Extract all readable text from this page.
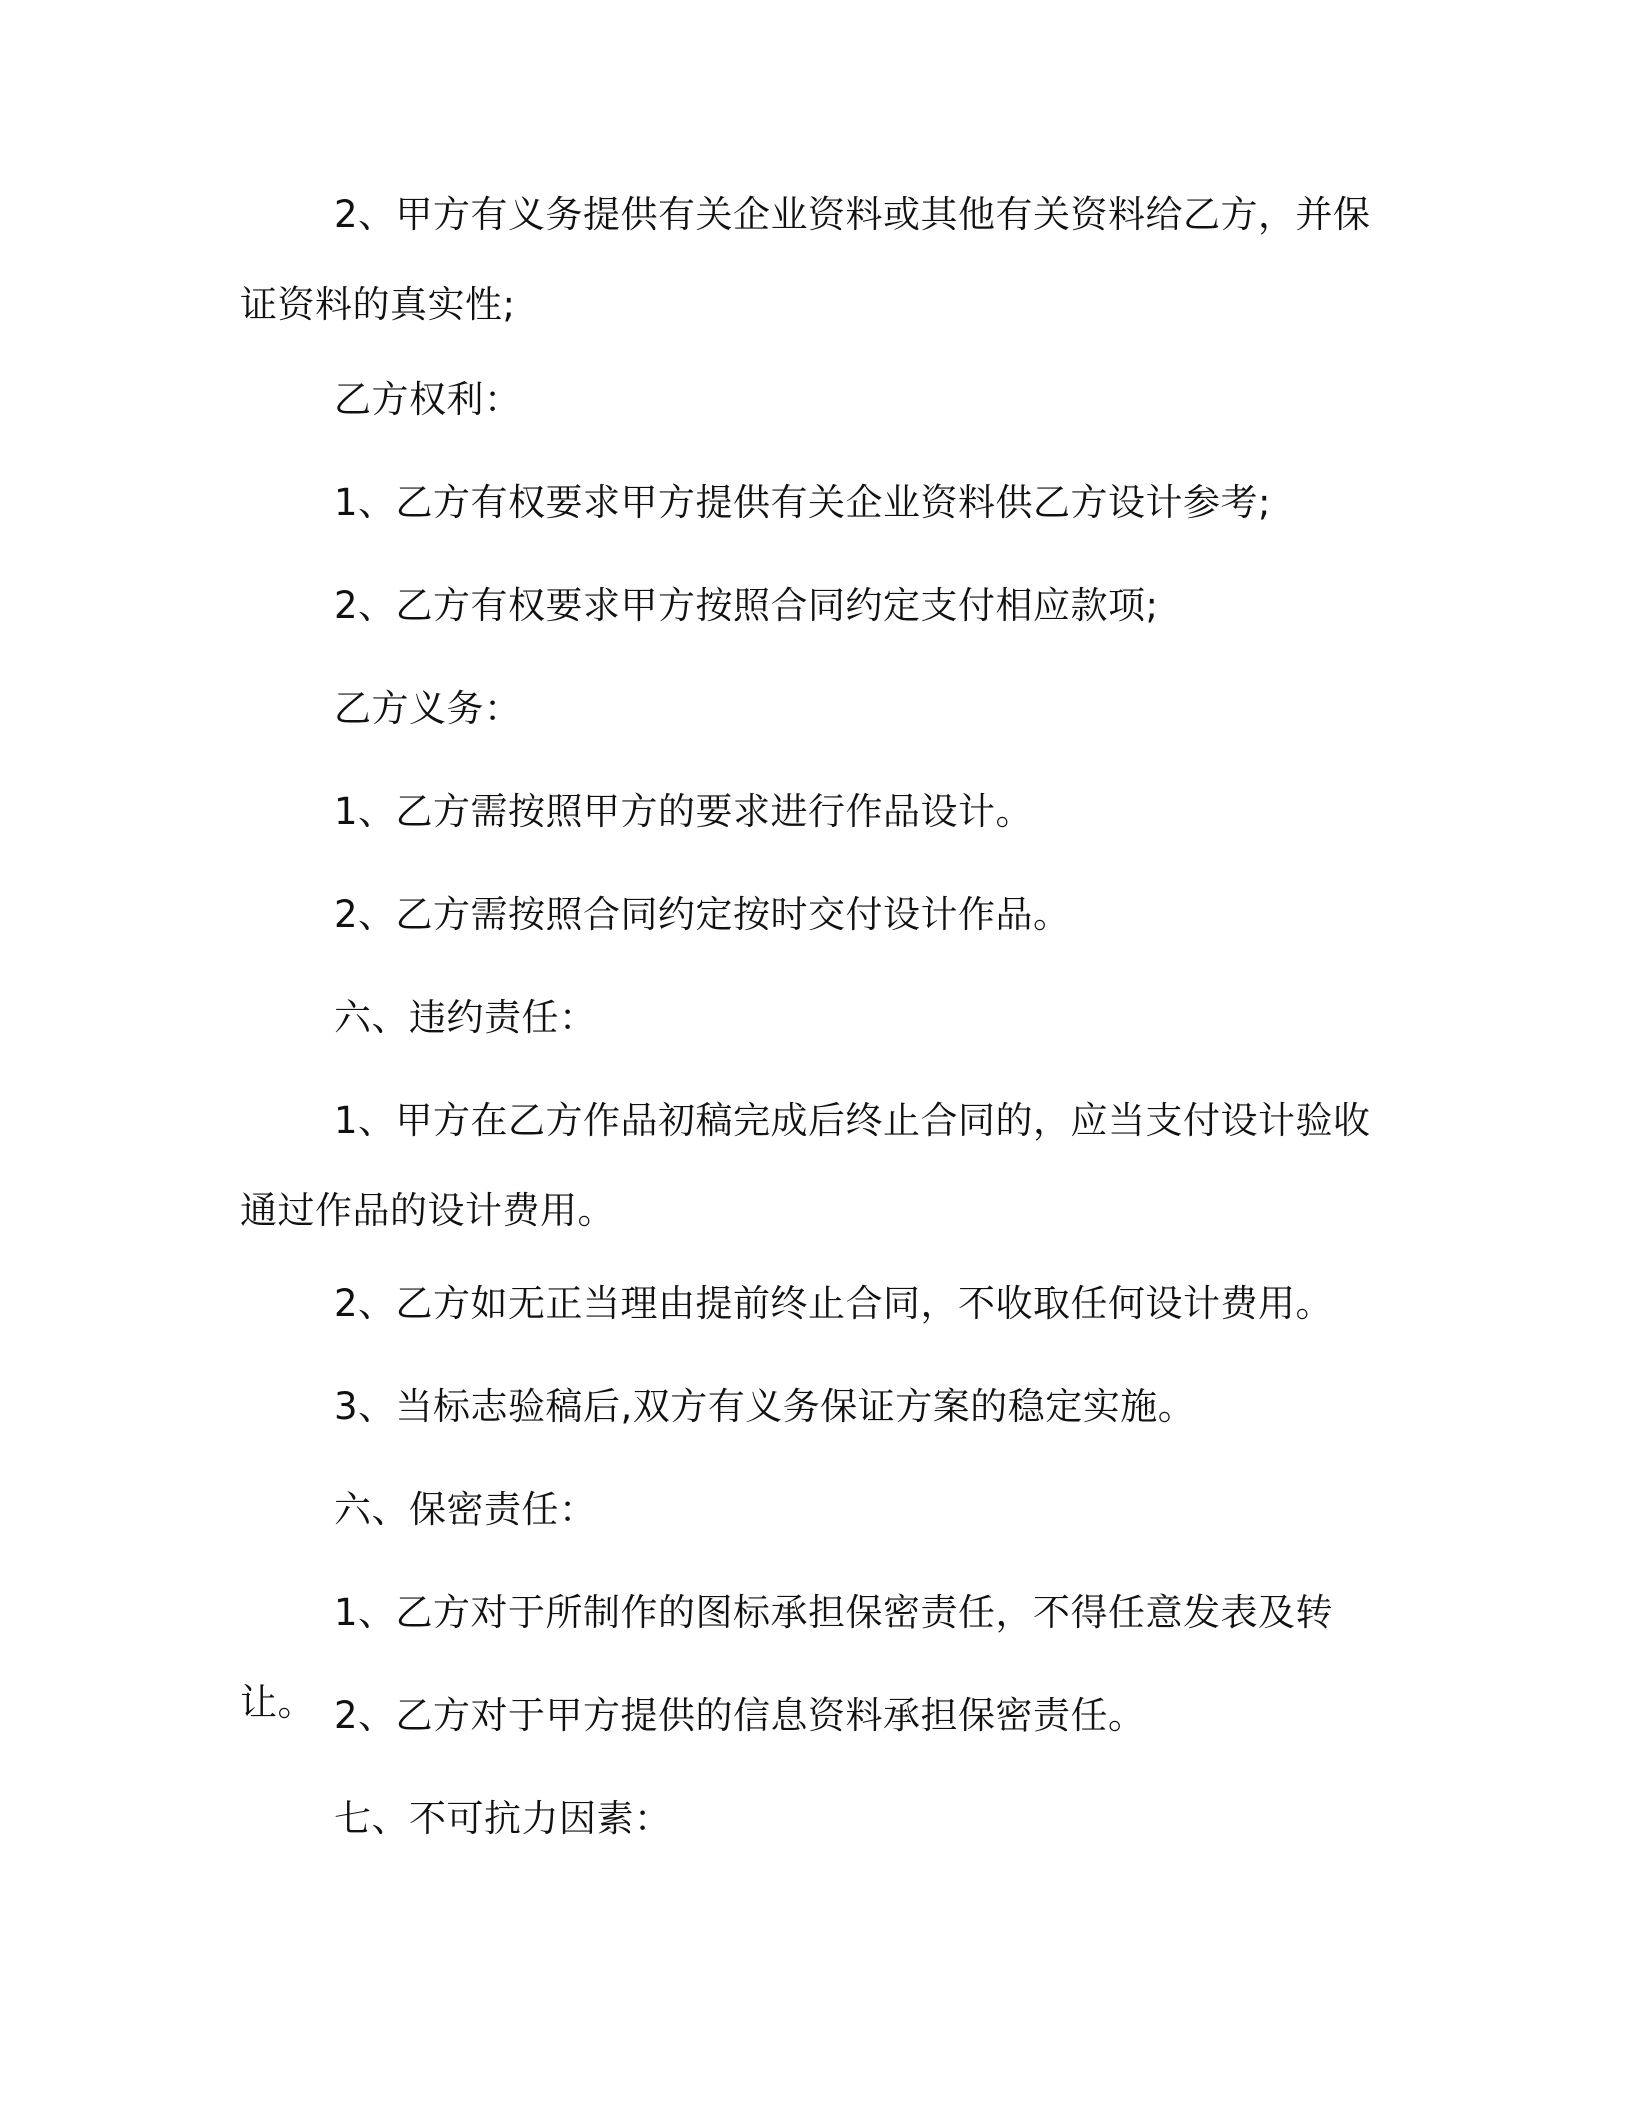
2、甲方有义务提供有关企业资料或其他有关资料给乙方，并保证资料的真实性;

乙方权利：

1、乙方有权要求甲方提供有关企业资料供乙方设计参考;

2、乙方有权要求甲方按照合同约定支付相应款项;

乙方义务：

1、乙方需按照甲方的要求进行作品设计。

2、乙方需按照合同约定按时交付设计作品。

六、违约责任：

1、甲方在乙方作品初稿完成后终止合同的，应当支付设计验收通过作品的设计费用。

2、乙方如无正当理由提前终止合同，不收取任何设计费用。

3、当标志验稿后,双方有义务保证方案的稳定实施。

六、保密责任：

1、乙方对于所制作的图标承担保密责任，不得任意发表及转让。 2、乙方对于甲方提供的信息资料承担保密责任。

七、不可抗力因素：
